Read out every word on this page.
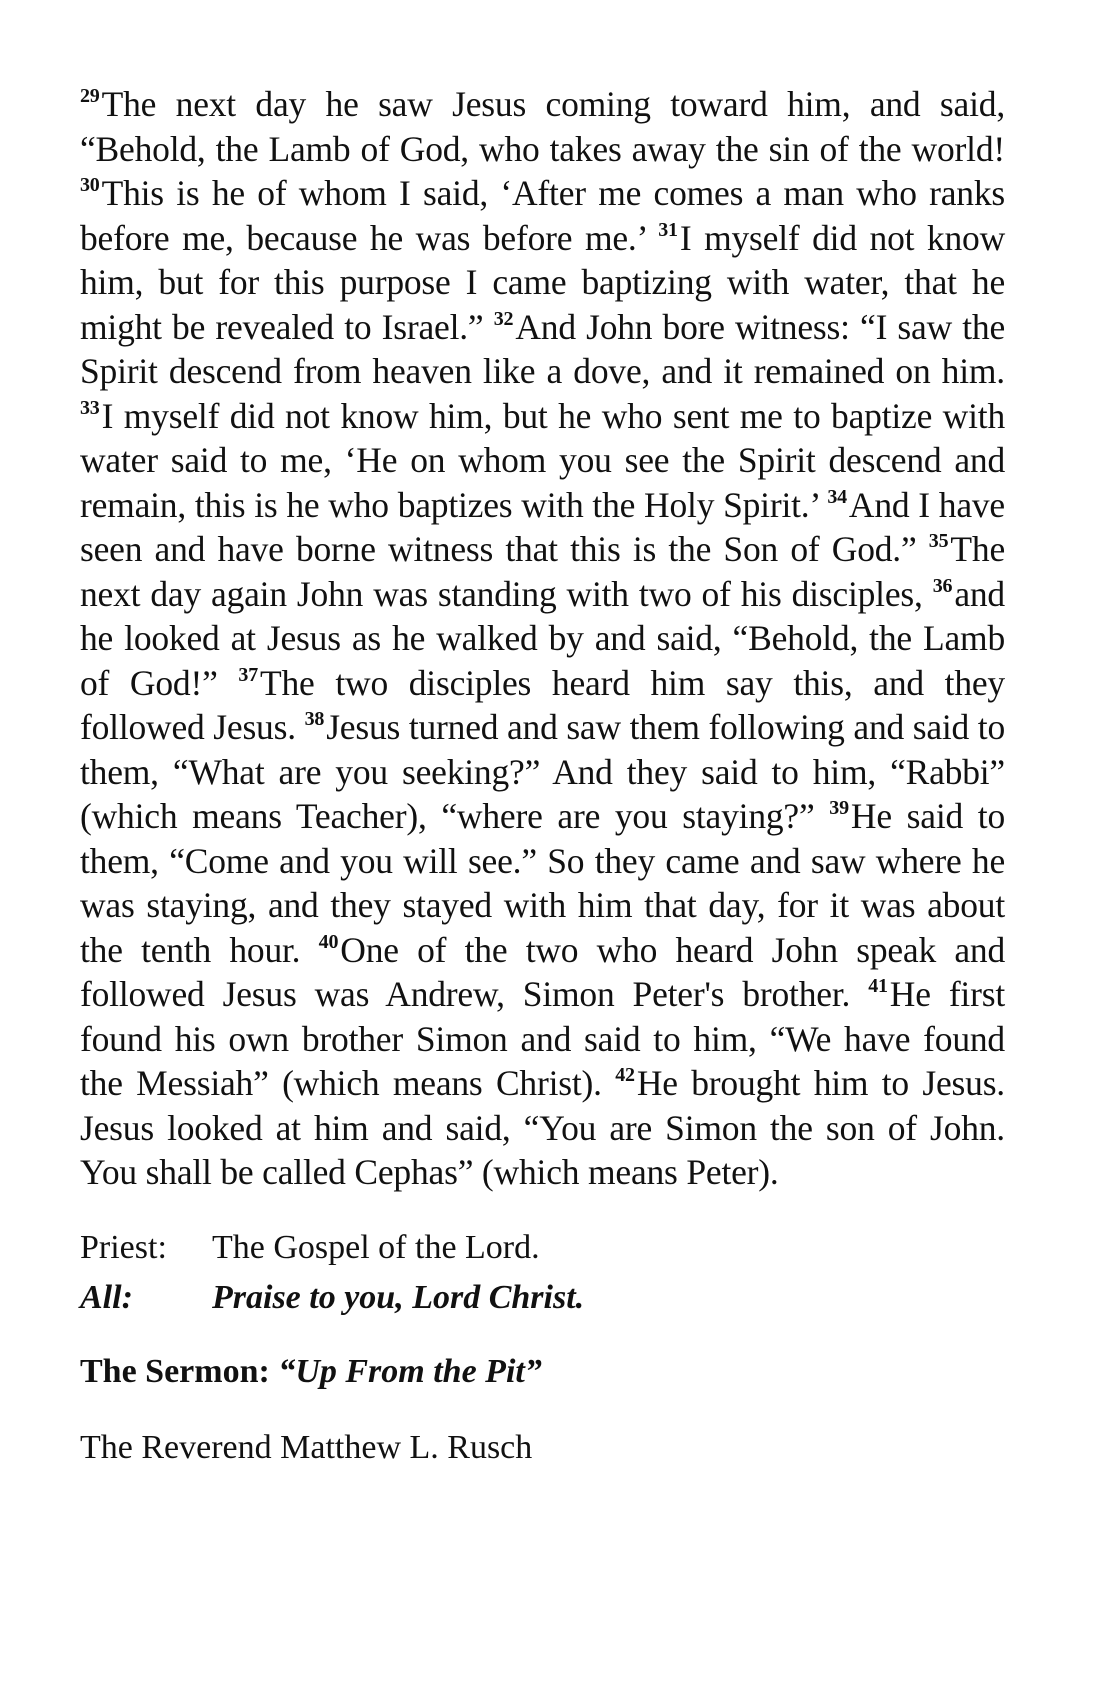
$^{29}$The next day he saw Jesus coming toward him, and said, “Behold, the Lamb of God, who takes away the sin of the world! $^{30}$This is he of whom I said, ‘After me comes a man who ranks before me, because he was before me.’ $^{31}$I myself did not know him, but for this purpose I came baptizing with water, that he might be revealed to Israel.” $^{32}$And John bore witness: “I saw the Spirit descend from heaven like a dove, and it remained on him. $^{33}$I myself did not know him, but he who sent me to baptize with water said to me, ‘He on whom you see the Spirit descend and remain, this is he who baptizes with the Holy Spirit.’ $^{34}$And I have seen and have borne witness that this is the Son of God.” $^{35}$The next day again John was standing with two of his disciples, $^{36}$and he looked at Jesus as he walked by and said, “Behold, the Lamb of God!” $^{37}$The two disciples heard him say this, and they followed Jesus. $^{38}$Jesus turned and saw them following and said to them, “What are you seeking?” And they said to him, “Rabbi” (which means Teacher), “where are you staying?” $^{39}$He said to them, “Come and you will see.” So they came and saw where he was staying, and they stayed with him that day, for it was about the tenth hour. $^{40}$One of the two who heard John speak and followed Jesus was Andrew, Simon Peter's brother. $^{41}$He first found his own brother Simon and said to him, “We have found the Messiah” (which means Christ). $^{42}$He brought him to Jesus. Jesus looked at him and said, “You are Simon the son of John. You shall be called Cephas” (which means Peter).

Priest:	The Gospel of the Lord.
All:	Praise to you, Lord Christ.
The Sermon: “Up From the Pit”
The Reverend Matthew L. Rusch
